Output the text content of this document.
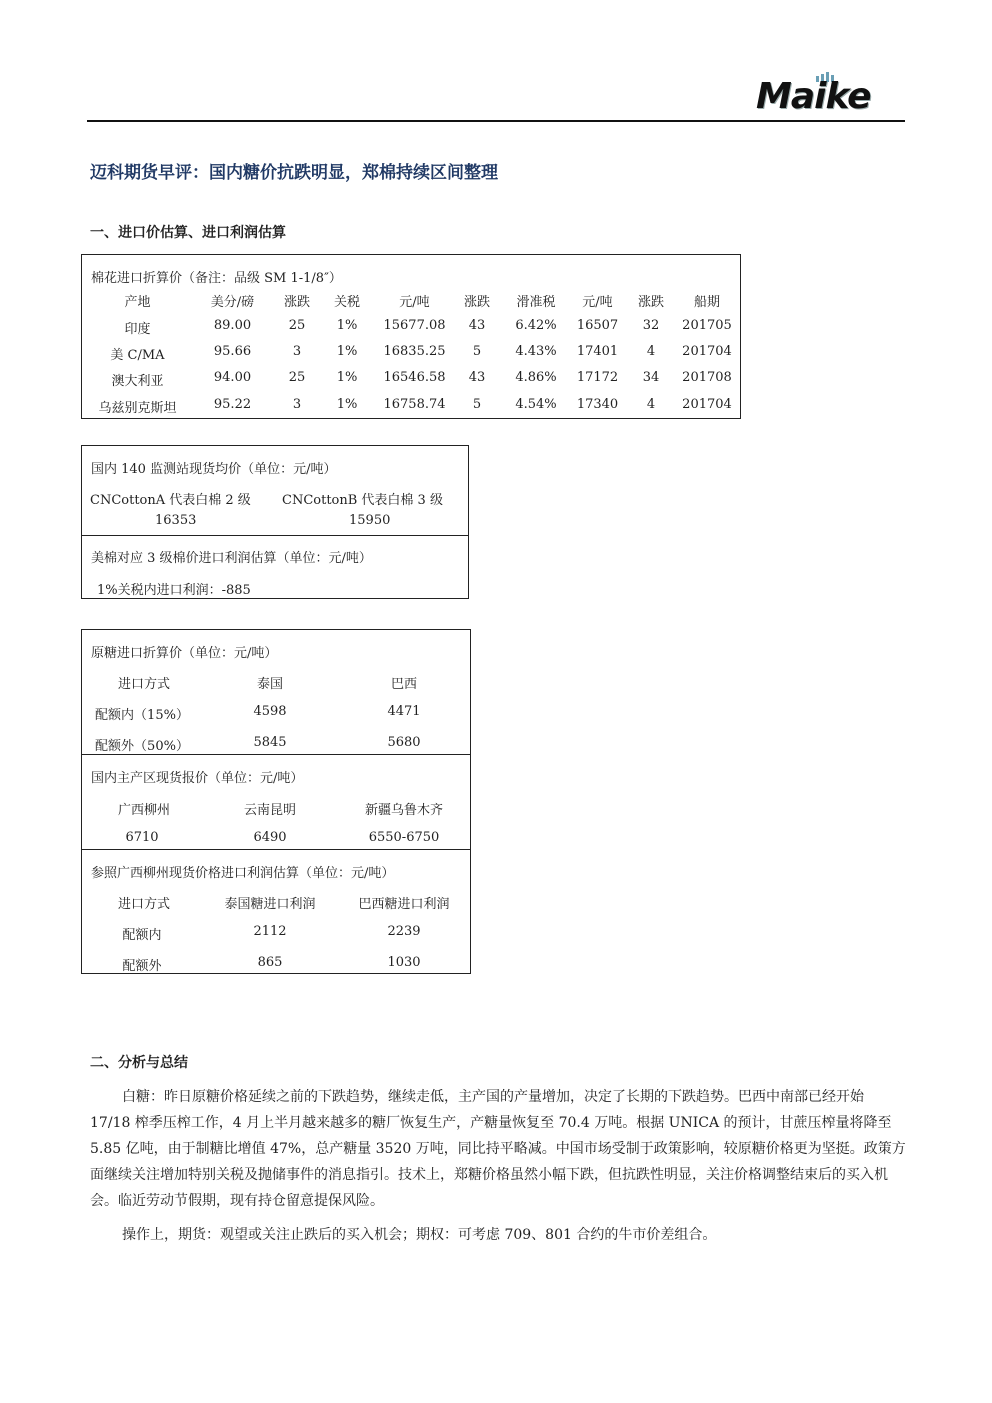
Maike
迈科期货早评：国内糖价抗跌明显，郑棉持续区间整理
一、进口价估算、进口利润估算
棉花进口折算价（备注：品级 SM 1-1/8″）
产地	美分/磅	涨跌	关税	元/吨	涨跌	滑准税	元/吨	涨跌	船期
印度	89.00	25	1%	15677.08	43	6.42%	16507	32	201705
美 C/MA	95.66	3	1%	16835.25	5	4.43%	17401	4	201704
澳大利亚	94.00	25	1%	16546.58	43	4.86%	17172	34	201708
乌兹别克斯坦	95.22	3	1%	16758.74	5	4.54%	17340	4	201704
国内 140 监测站现货均价（单位：元/吨）
CNCottonA 代表白棉 2 级 CNCottonB 代表白棉 3 级
16353	15950
美棉对应 3 级棉价进口利润估算（单位：元/吨）
1%关税内进口利润：-885
原糖进口折算价（单位：元/吨）
进口方式	泰国	巴西
配额内（15%）	4598	4471
配额外（50%）	5845	5680
国内主产区现货报价（单位：元/吨）
广西柳州	云南昆明	新疆乌鲁木齐
6710	6490	6550-6750
参照广西柳州现货价格进口利润估算（单位：元/吨）
进口方式	泰国糖进口利润	巴西糖进口利润
配额内	2112	2239
配额外	865	1030
二、分析与总结
白糖：昨日原糖价格延续之前的下跌趋势，继续走低，主产国的产量增加，决定了长期的下跌趋势。巴西中南部已经开始 17/18 榨季压榨工作，4 月上半月越来越多的糖厂恢复生产，产糖量恢复至 70.4 万吨。根据 UNICA 的预计，甘蔗压榨量将降至 5.85 亿吨，由于制糖比增值 47%，总产糖量 3520 万吨，同比持平略减。中国市场受制于政策影响，较原糖价格更为坚挺。政策方面继续关注增加特别关税及抛储事件的消息指引。技术上，郑糖价格虽然小幅下跌，但抗跌性明显，关注价格调整结束后的买入机会。临近劳动节假期，现有持仓留意提保风险。
操作上，期货：观望或关注止跌后的买入机会；期权：可考虑 709、801 合约的牛市价差组合。
